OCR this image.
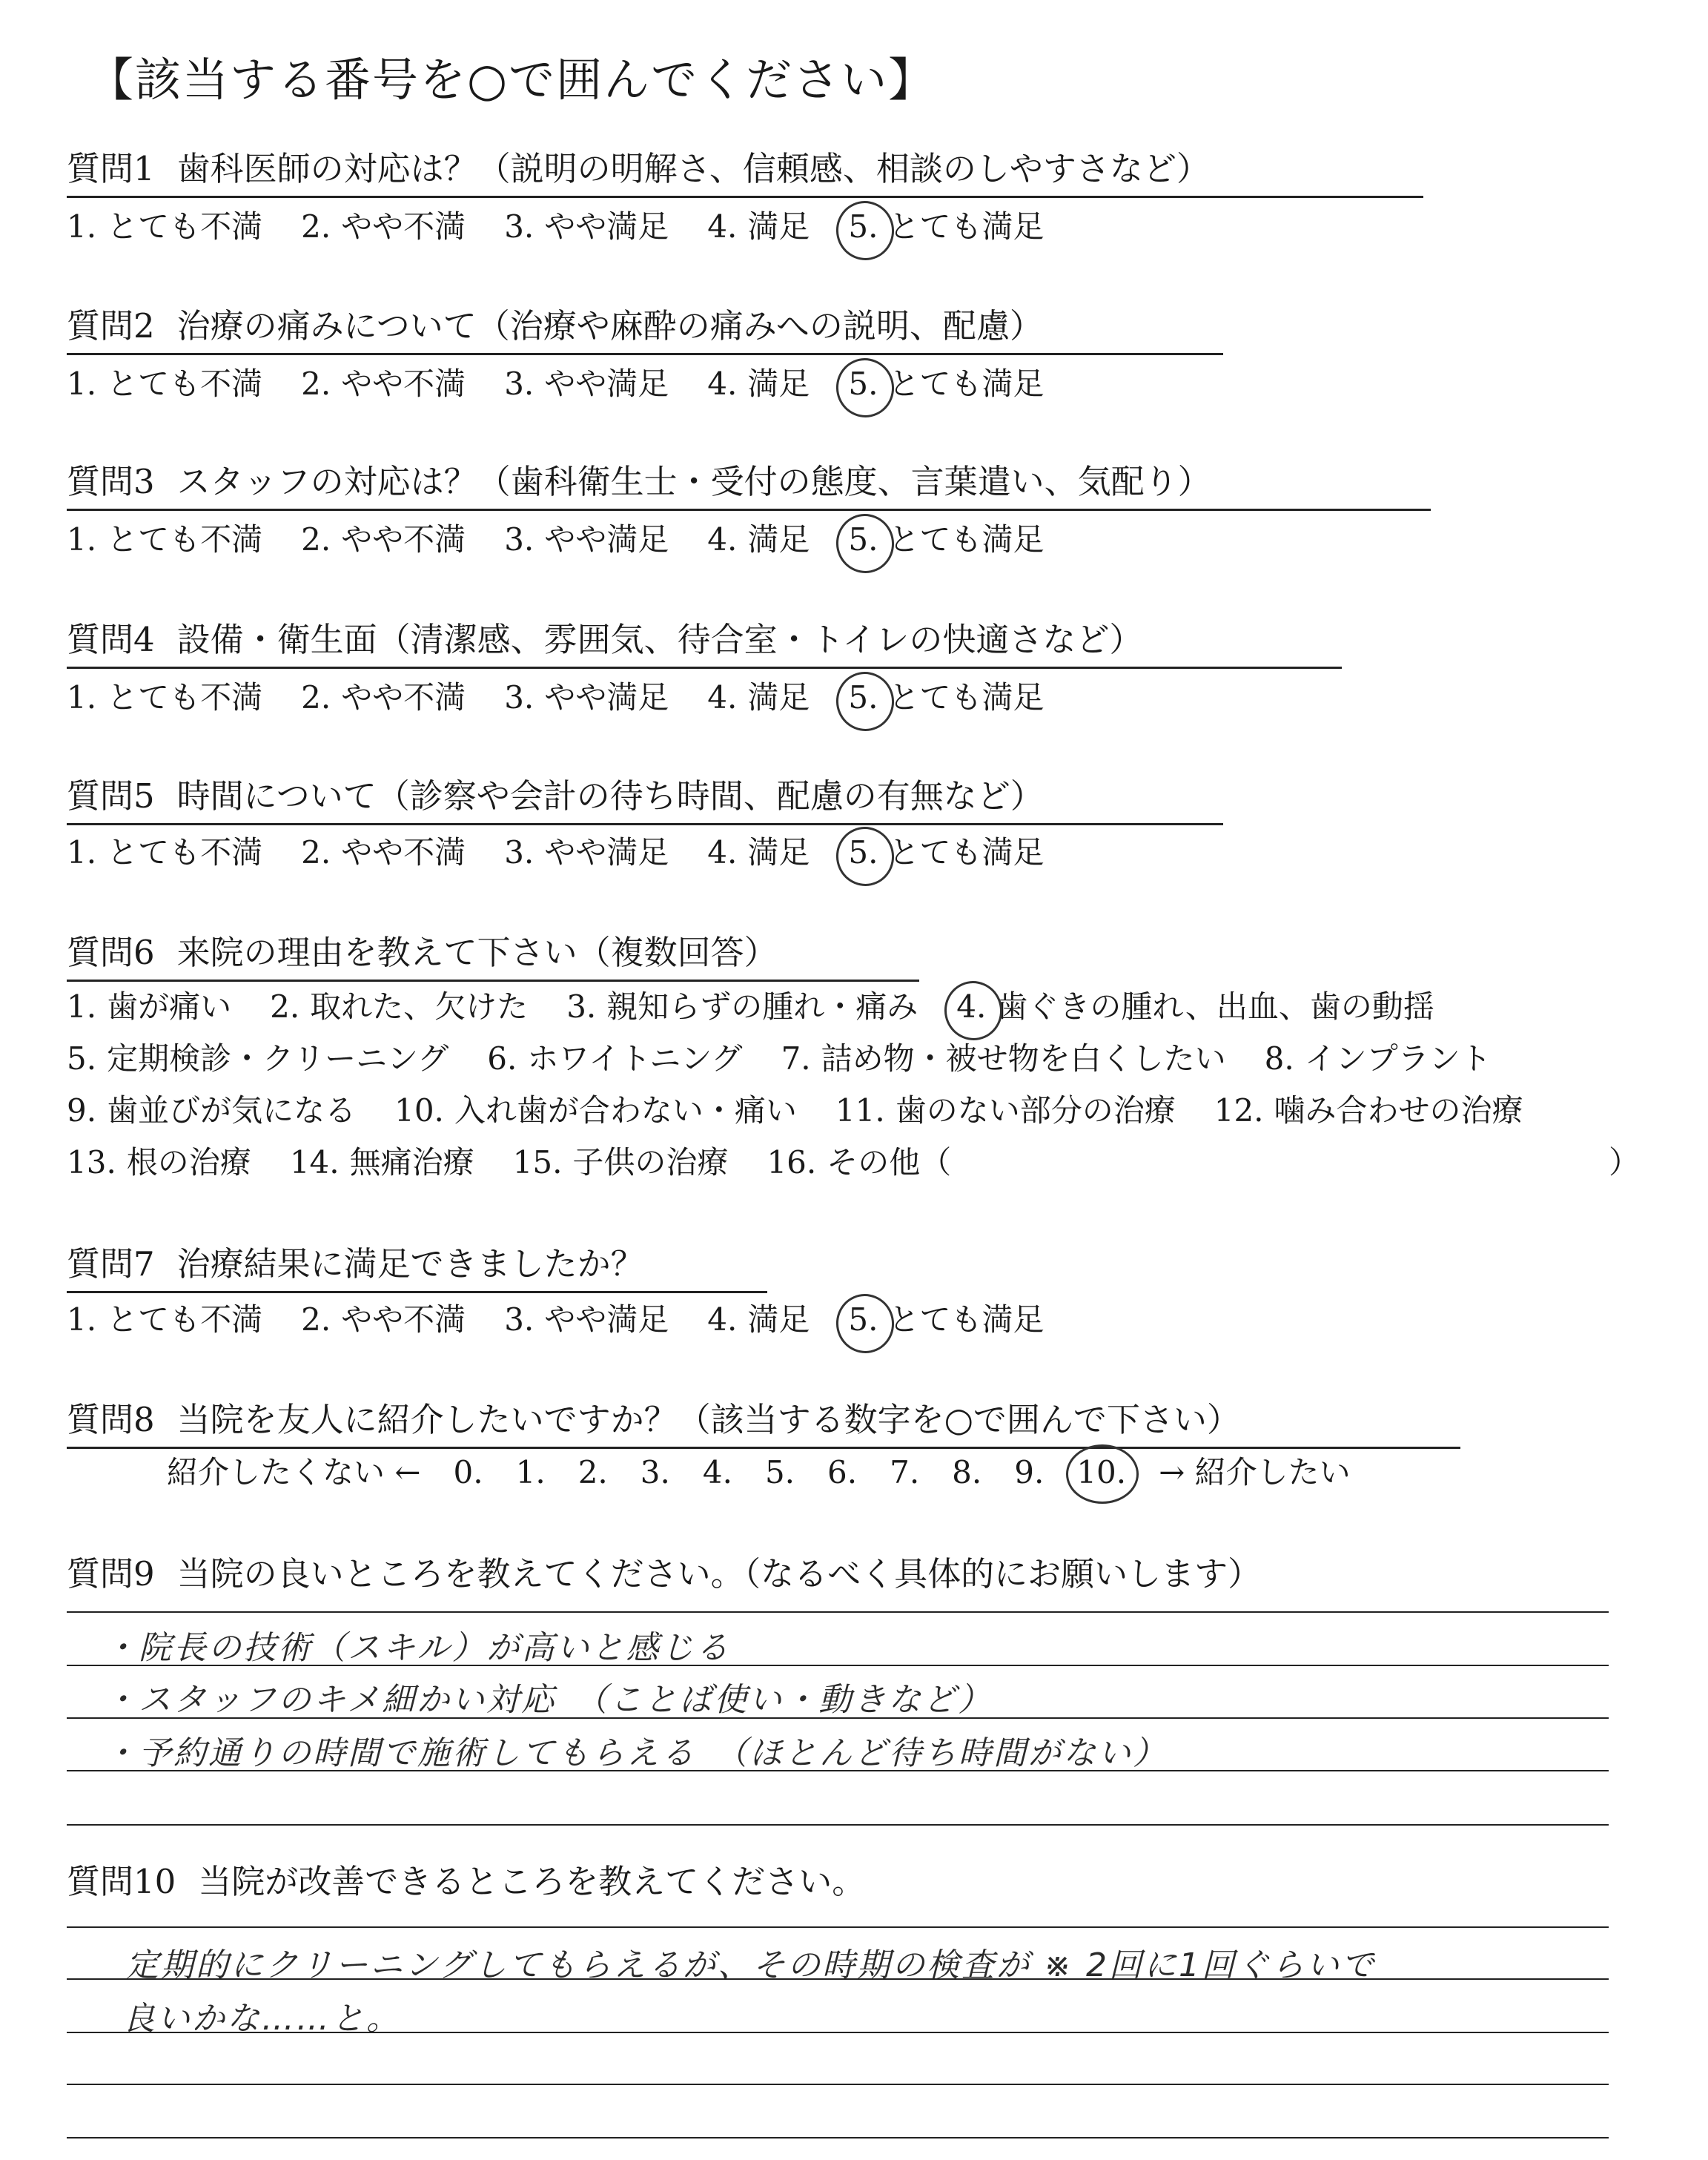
【該当する番号を○で囲んでください】
質問1 歯科医師の対応は？（説明の明解さ、信頼感、相談のしやすさなど）
1. とても不満 2. やや不満 3. やや満足 4. 満足 5. とても満足
質問2 治療の痛みについて（治療や麻酔の痛みへの説明、配慮）
1. とても不満 2. やや不満 3. やや満足 4. 満足 5. とても満足
質問3 スタッフの対応は？（歯科衛生士・受付の態度、言葉遣い、気配り）
1. とても不満 2. やや不満 3. やや満足 4. 満足 5. とても満足
質問4 設備・衛生面（清潔感、雰囲気、待合室・トイレの快適さなど）
1. とても不満 2. やや不満 3. やや満足 4. 満足 5. とても満足
質問5 時間について（診察や会計の待ち時間、配慮の有無など）
1. とても不満 2. やや不満 3. やや満足 4. 満足 5. とても満足
質問6 来院の理由を教えて下さい（複数回答）
1. 歯が痛い 2. 取れた、欠けた 3. 親知らずの腫れ・痛み 4. 歯ぐきの腫れ、出血、歯の動揺
5. 定期検診・クリーニング 6. ホワイトニング 7. 詰め物・被せ物を白くしたい 8. インプラント
9. 歯並びが気になる 10. 入れ歯が合わない・痛い 11. 歯のない部分の治療 12. 噛み合わせの治療
13. 根の治療 14. 無痛治療 15. 子供の治療 16. その他（	）
質問7 治療結果に満足できましたか？
1. とても不満 2. やや不満 3. やや満足 4. 満足 5. とても満足
質問8 当院を友人に紹介したいですか？（該当する数字を○で囲んで下さい）
紹介したくない ← 0. 1. 2. 3. 4. 5. 6. 7. 8. 9. 10. → 紹介したい
質問9 当院の良いところを教えてください。（なるべく具体的にお願いします）
・院長の技術（スキル）が高いと感じる
・スタッフのキメ細かい対応　（ことば使い・動きなど）
・予約通りの時間で施術してもらえる　（ほとんど待ち時間がない）
質問10 当院が改善できるところを教えてください。
定期的にクリーニングしてもらえるが、その時期の検査が ※ 2回に1回ぐらいで
良いかな……と。
